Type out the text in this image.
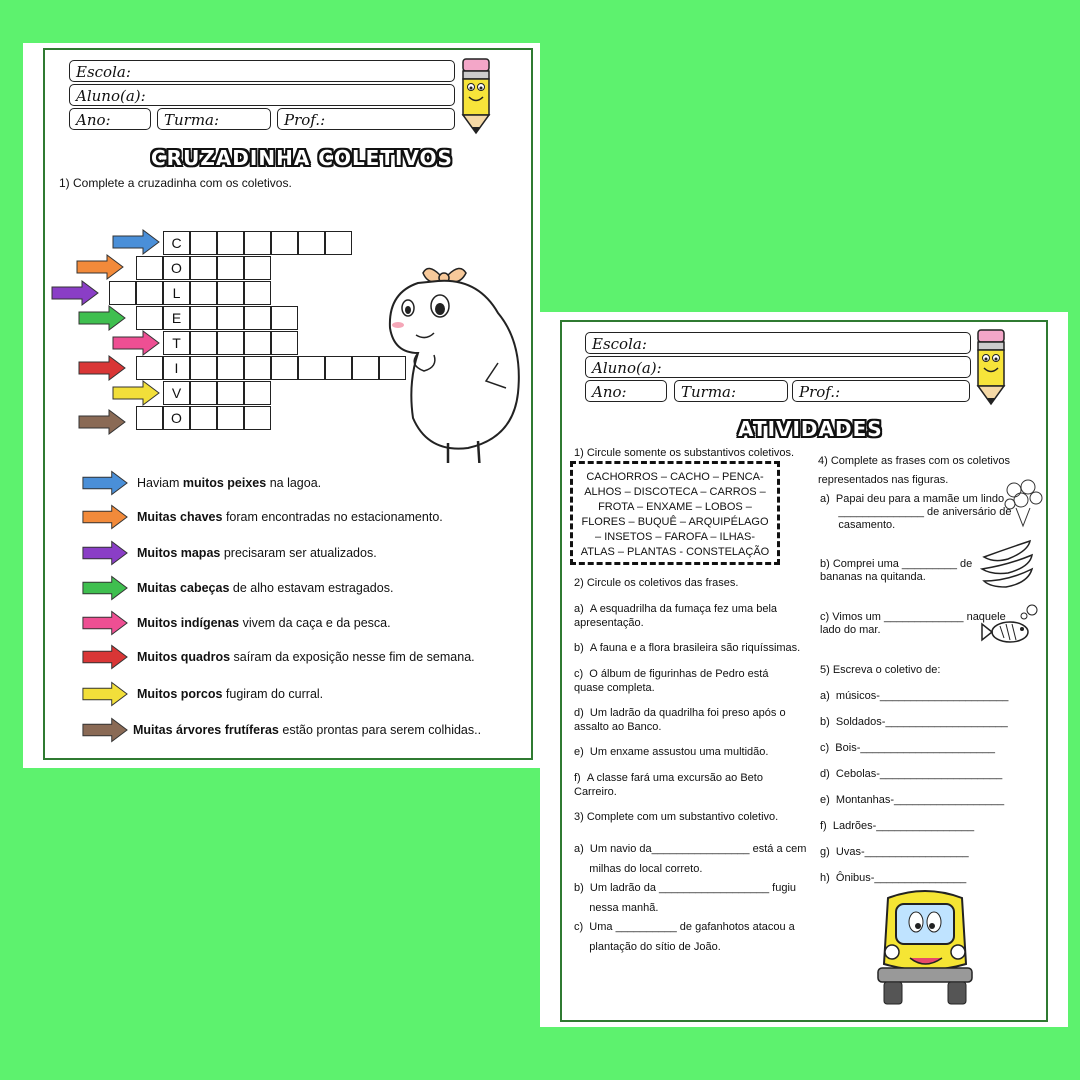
Escola:
Aluno(a):
Ano:	Turma:	Prof.:
CRUZADINHA COLETIVOS
1) Complete a cruzadinha com os coletivos.
C
O
L
E
T
I
V
O
Haviam muitos peixes na lagoa.
Muitas chaves foram encontradas no estacionamento.
Muitos mapas precisaram ser atualizados.
Muitas cabeças de alho estavam estragados.
Muitos indígenas vivem da caça e da pesca.
Muitos quadros saíram da exposição nesse fim de semana.
Muitos porcos fugiram do curral.
Muitas árvores frutíferas estão prontas para serem colhidas..
Escola:
Aluno(a):
Ano:	Turma:	Prof.:
ATIVIDADES
1) Circule somente os substantivos coletivos.
CACHORROS – CACHO – PENCA-
ALHOS – DISCOTECA – CARROS –
FROTA – ENXAME – LOBOS –
FLORES – BUQUÊ – ARQUIPÉLAGO
– INSETOS – FAROFA – ILHAS-
ATLAS – PLANTAS - CONSTELAÇÃO
2) Circule os coletivos das frases.
a) A esquadrilha da fumaça fez uma bela apresentação.
b) A fauna e a flora brasileira são riquíssimas.
c) O álbum de figurinhas de Pedro está quase completa.
d) Um ladrão da quadrilha foi preso após o assalto ao Banco.
e) Um enxame assustou uma multidão.
f) A classe fará uma excursão ao Beto Carreiro.
3) Complete com um substantivo coletivo.
a) Um navio da________________ está a cem
milhas do local correto.
b) Um ladrão da __________________ fugiu
nessa manhã.
c) Uma __________ de gafanhotos atacou a
plantação do sítio de João.
4) Complete as frases com os coletivos
representados nas figuras.
a) Papai deu para a mamãe um lindo
______________ de aniversário de
casamento.
b) Comprei uma _________ de
bananas na quitanda.
c) Vimos um _____________ naquele
lado do mar.
5) Escreva o coletivo de:
a) músicos-_____________________
b) Soldados-____________________
c) Bois-______________________
d) Cebolas-____________________
e) Montanhas-__________________
f) Ladrões-________________
g) Uvas-_________________
h) Ônibus-_______________
